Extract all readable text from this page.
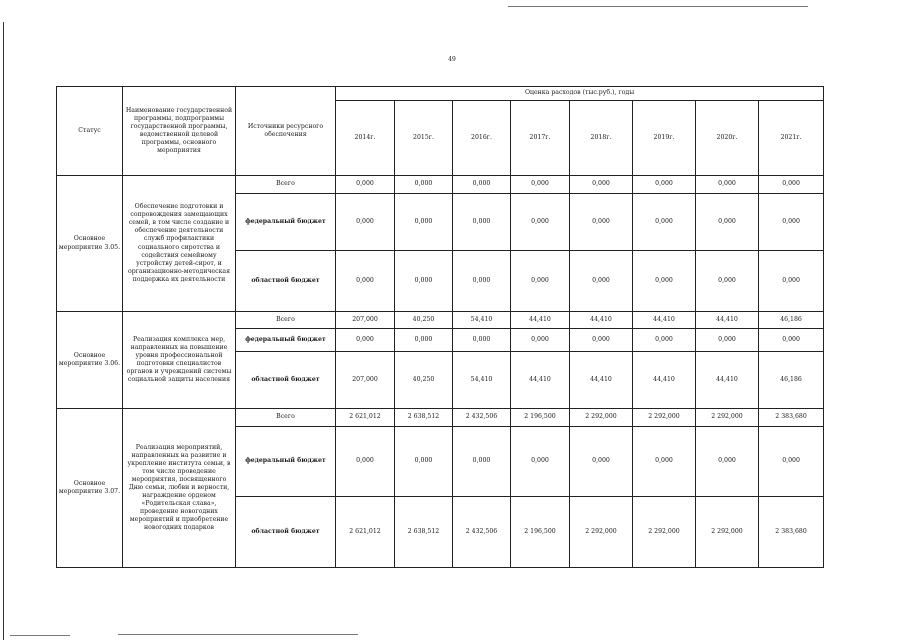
49
Статус	Наименование государственной программы, подпрограммы государственной программы, ведомственной целевой программы, основного мероприятия	Источники ресурсного обеспечения	Оценка расходов (тыс.руб.), годы							
			2014г.	2015г.	2016г.	2017г.	2018г.	2019г.	2020г.	2021г.
Основное мероприятие 3.05.	Обеспечение подготовки и сопровождения замещающих семей, в том числе создание и обеспечение деятельности служб профилактики социального сиротства и содействия семейному устройству детей-сирот, и организационно-методическая поддержка их деятельности	Всего	0,000	0,000	0,000	0,000	0,000	0,000	0,000	0,000
		федеральный бюджет	0,000	0,000	0,000	0,000	0,000	0,000	0,000	0,000
		областной бюджет	0,000	0,000	0,000	0,000	0,000	0,000	0,000	0,000
Основное мероприятие 3.06.	Реализация комплекса мер, направленных на повышение уровня профессиональной подготовки специалистов органов и учреждений системы социальной защиты населения	Всего	207,000	40,250	54,410	44,410	44,410	44,410	44,410	46,186
		федеральный бюджет	0,000	0,000	0,000	0,000	0,000	0,000	0,000	0,000
		областной бюджет	207,000	40,250	54,410	44,410	44,410	44,410	44,410	46,186
Основное мероприятие 3.07.	Реализация мероприятий, направленных на развитие и укрепление института семьи, в том числе проведение мероприятия, посвященного Дню семьи, любви и верности, награждение орденом «Родительская слава», проведение новогодних мероприятий и приобретение новогодних подарков	Всего	2 621,012	2 638,512	2 432,506	2 196,500	2 292,000	2 292,000	2 292,000	2 383,680
		федеральный бюджет	0,000	0,000	0,000	0,000	0,000	0,000	0,000	0,000
		областной бюджет	2 621,012	2 638,512	2 432,506	2 196,500	2 292,000	2 292,000	2 292,000	2 383,680
